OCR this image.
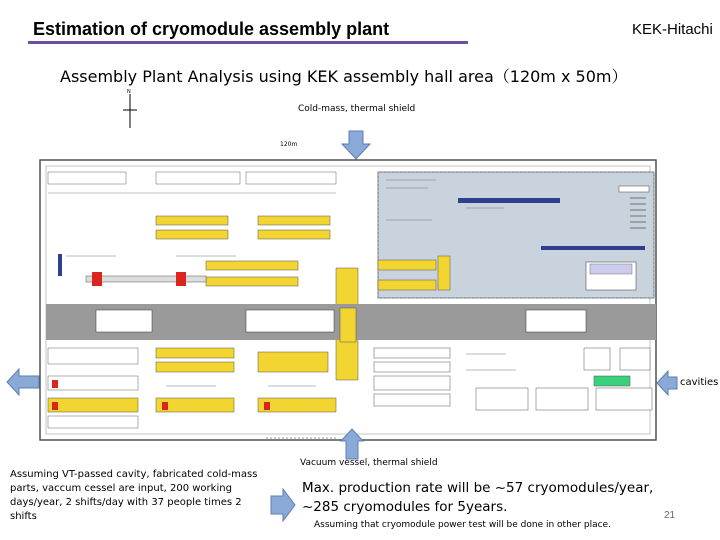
Estimation of cryomodule assembly plant	KEK-Hitachi
Assembly Plant Analysis using KEK assembly hall area（120m x 50m）
N
Cold-mass, thermal shield
120m
cavities
Vacuum vessel, thermal shield
Assuming VT-passed cavity, fabricated cold-mass parts, vaccum cessel are input, 200 working days/year, 2 shifts/day with 37 people times 2 shifts
Max. production rate will be ~57 cryomodules/year, ~285 cryomodules for 5years.
Assuming that cryomodule power test will be done in other place.
21
